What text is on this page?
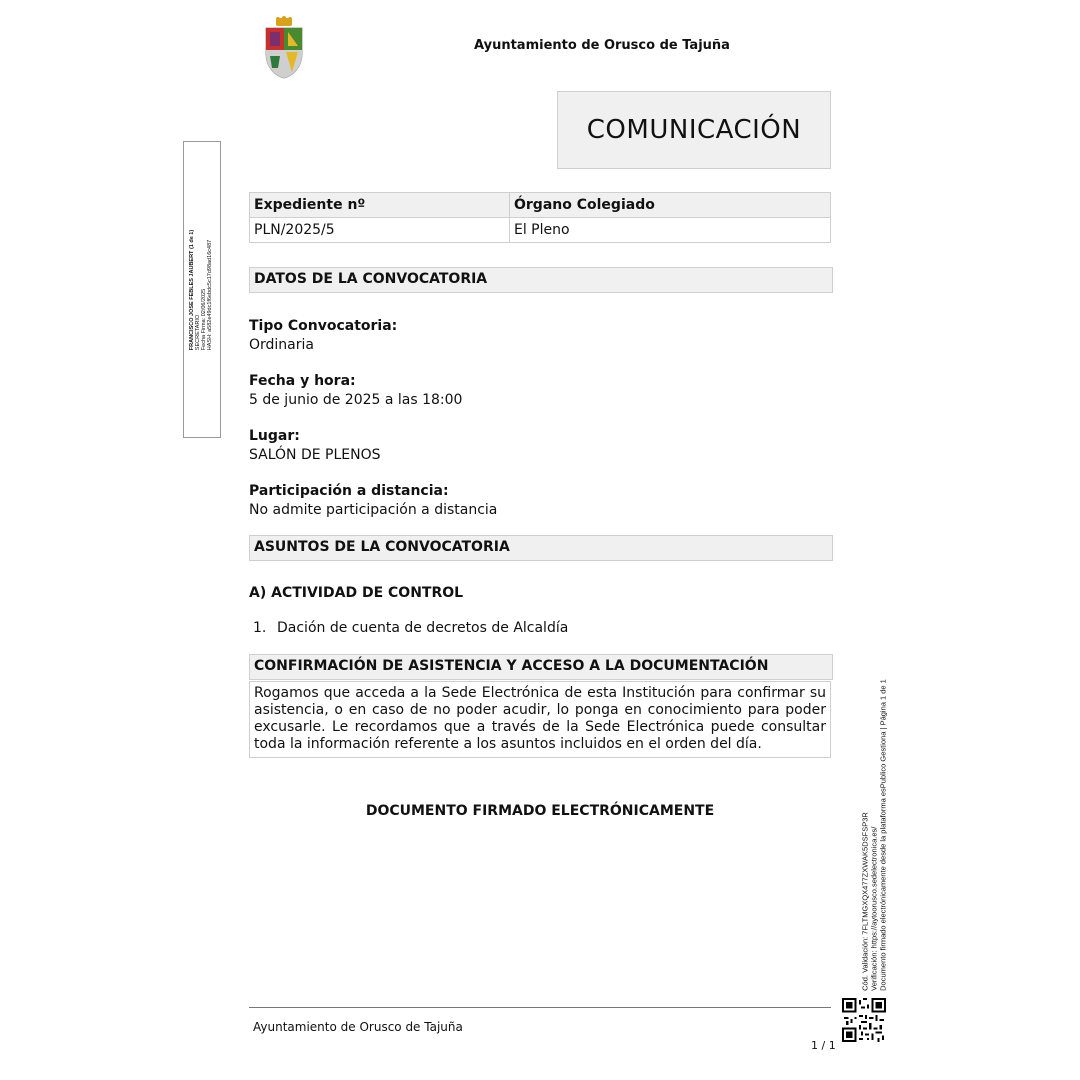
Ayuntamiento de Orusco de Tajuña
COMUNICACIÓN
Expediente nº	Órgano Colegiado
PLN/2025/5	El Pleno
DATOS DE LA CONVOCATORIA
Tipo Convocatoria:
Ordinaria
Fecha y hora:
5 de junio de 2025 a las 18:00
Lugar:
SALÓN DE PLENOS
Participación a distancia:
No admite participación a distancia
ASUNTOS DE LA CONVOCATORIA
A) ACTIVIDAD DE CONTROL
1. Dación de cuenta de decretos de Alcaldía
CONFIRMACIÓN DE ASISTENCIA Y ACCESO A LA DOCUMENTACIÓN
Rogamos que acceda a la Sede Electrónica de esta Institución para confirmar su asistencia, o en caso de no poder acudir, lo ponga en conocimiento para poder excusarle. Le recordamos que a través de la Sede Electrónica puede consultar toda la información referente a los asuntos incluidos en el orden del día.
DOCUMENTO FIRMADO ELECTRÓNICAMENTE
Ayuntamiento de Orusco de Tajuña
1 / 1
FRANCISCO JOSE FEBLES JAUBERT (1 de 1) SECRETARIO Fecha Firma: 02/06/2025 HASH: a582e49dc1f6ebdc5c17d98ad16c487
Cód. Validación: 7FLTMGXQX477ZXWAK5DSFSP3R Verificación: https://aytoorusco.sedelectronica.es/ Documento firmado electrónicamente desde la plataforma esPublico Gestiona | Página 1 de 1
